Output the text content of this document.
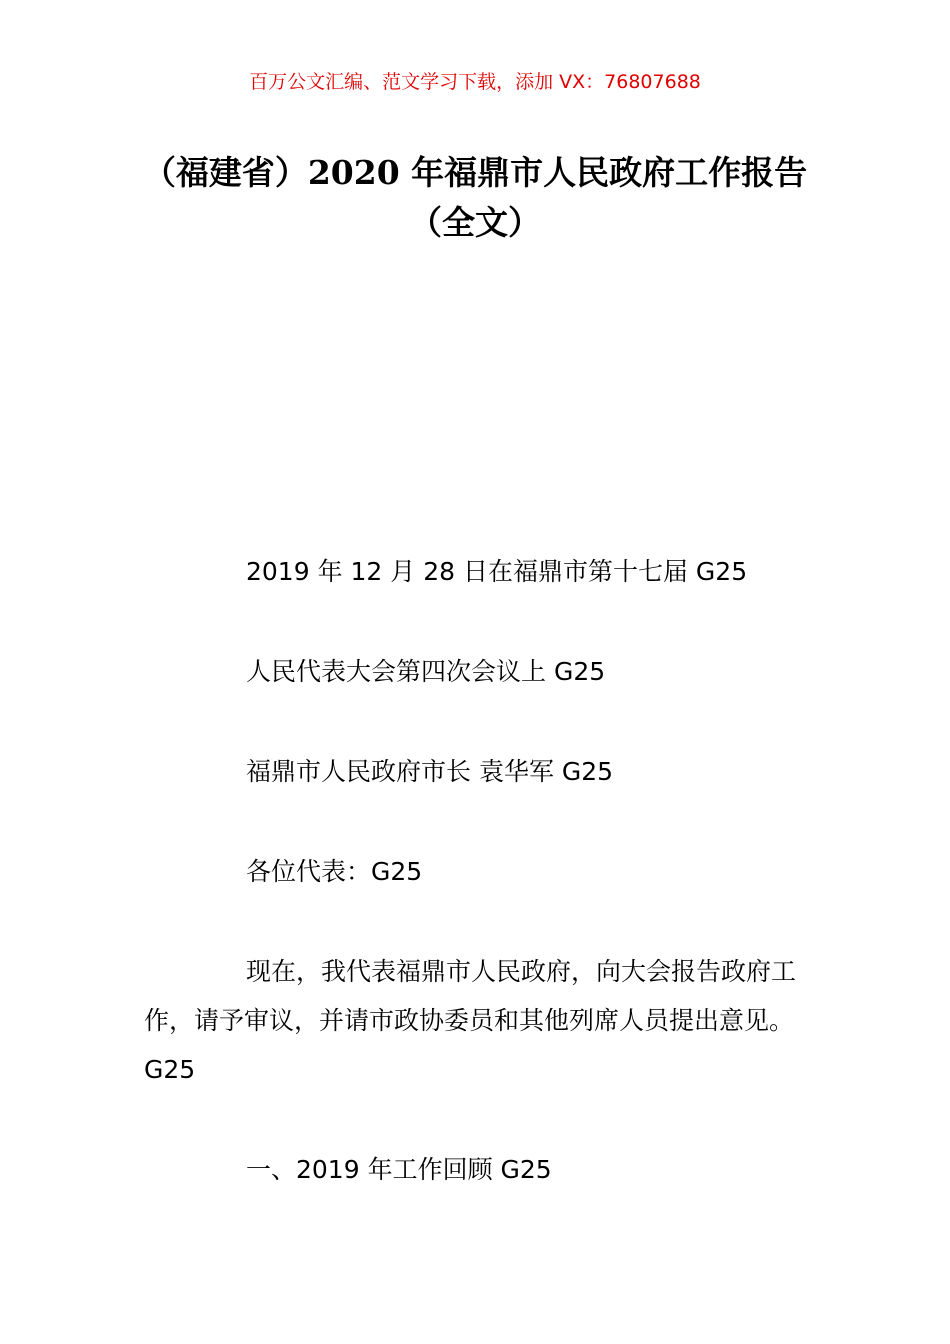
百万公文汇编、范文学习下载，添加 VX：76807688
（福建省）2020 年福鼎市人民政府工作报告（全文）
2019 年 12 月 28 日在福鼎市第十七届 G25
人民代表大会第四次会议上 G25
福鼎市人民政府市长 袁华军 G25
各位代表：G25

现在，我代表福鼎市人民政府，向大会报告政府工作，请予审议，并请市政协委员和其他列席人员提出意见。G25

一、2019 年工作回顾 G25
